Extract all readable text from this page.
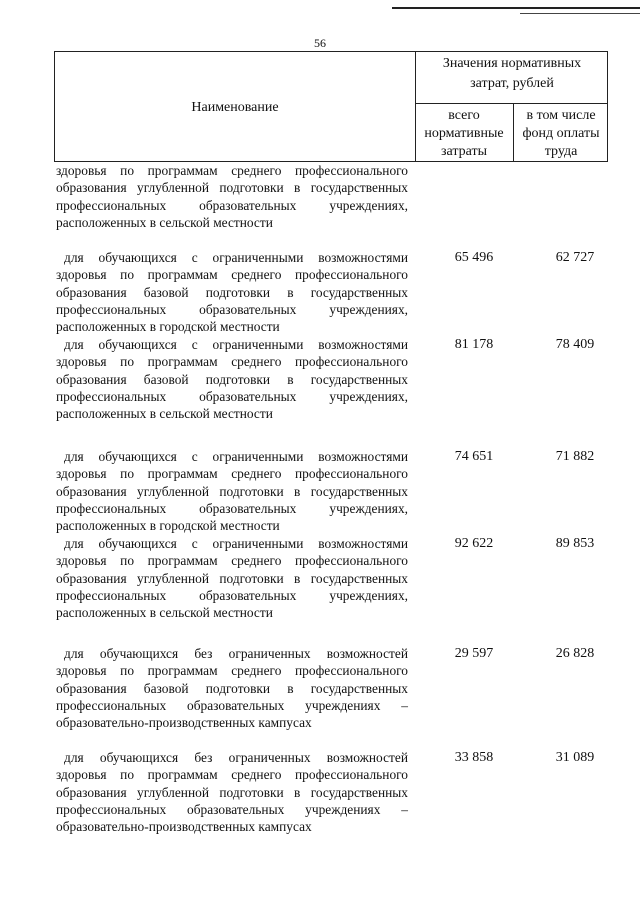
56
Наименование
Значения нормативных затрат, рублей
всего нормативные затраты
в том числе фонд оплаты труда
здоровья по программам среднего профессионального образования углубленной подготовки в государственных профессиональных образовательных учреждениях, расположенных в сельской местности
для обучающихся с ограниченными возможностями здоровья по программам среднего профессионального образования базовой подготовки в государственных профессиональных образовательных учреждениях, расположенных в городской местности
65 496	62 727
для обучающихся с ограниченными возможностями здоровья по программам среднего профессионального образования базовой подготовки в государственных профессиональных образовательных учреждениях, расположенных в сельской местности
81 178	78 409
для обучающихся с ограниченными возможностями здоровья по программам среднего профессионального образования углубленной подготовки в государственных профессиональных образовательных учреждениях, расположенных в городской местности
74 651	71 882
для обучающихся с ограниченными возможностями здоровья по программам среднего профессионального образования углубленной подготовки в государственных профессиональных образовательных учреждениях, расположенных в сельской местности
92 622	89 853
для обучающихся без ограниченных возможностей здоровья по программам среднего профессионального образования базовой подготовки в государственных профессиональных образовательных учреждениях – образовательно-производственных кампусах
29 597	26 828
для обучающихся без ограниченных возможностей здоровья по программам среднего профессионального образования углубленной подготовки в государственных профессиональных образовательных учреждениях – образовательно-производственных кампусах
33 858	31 089
